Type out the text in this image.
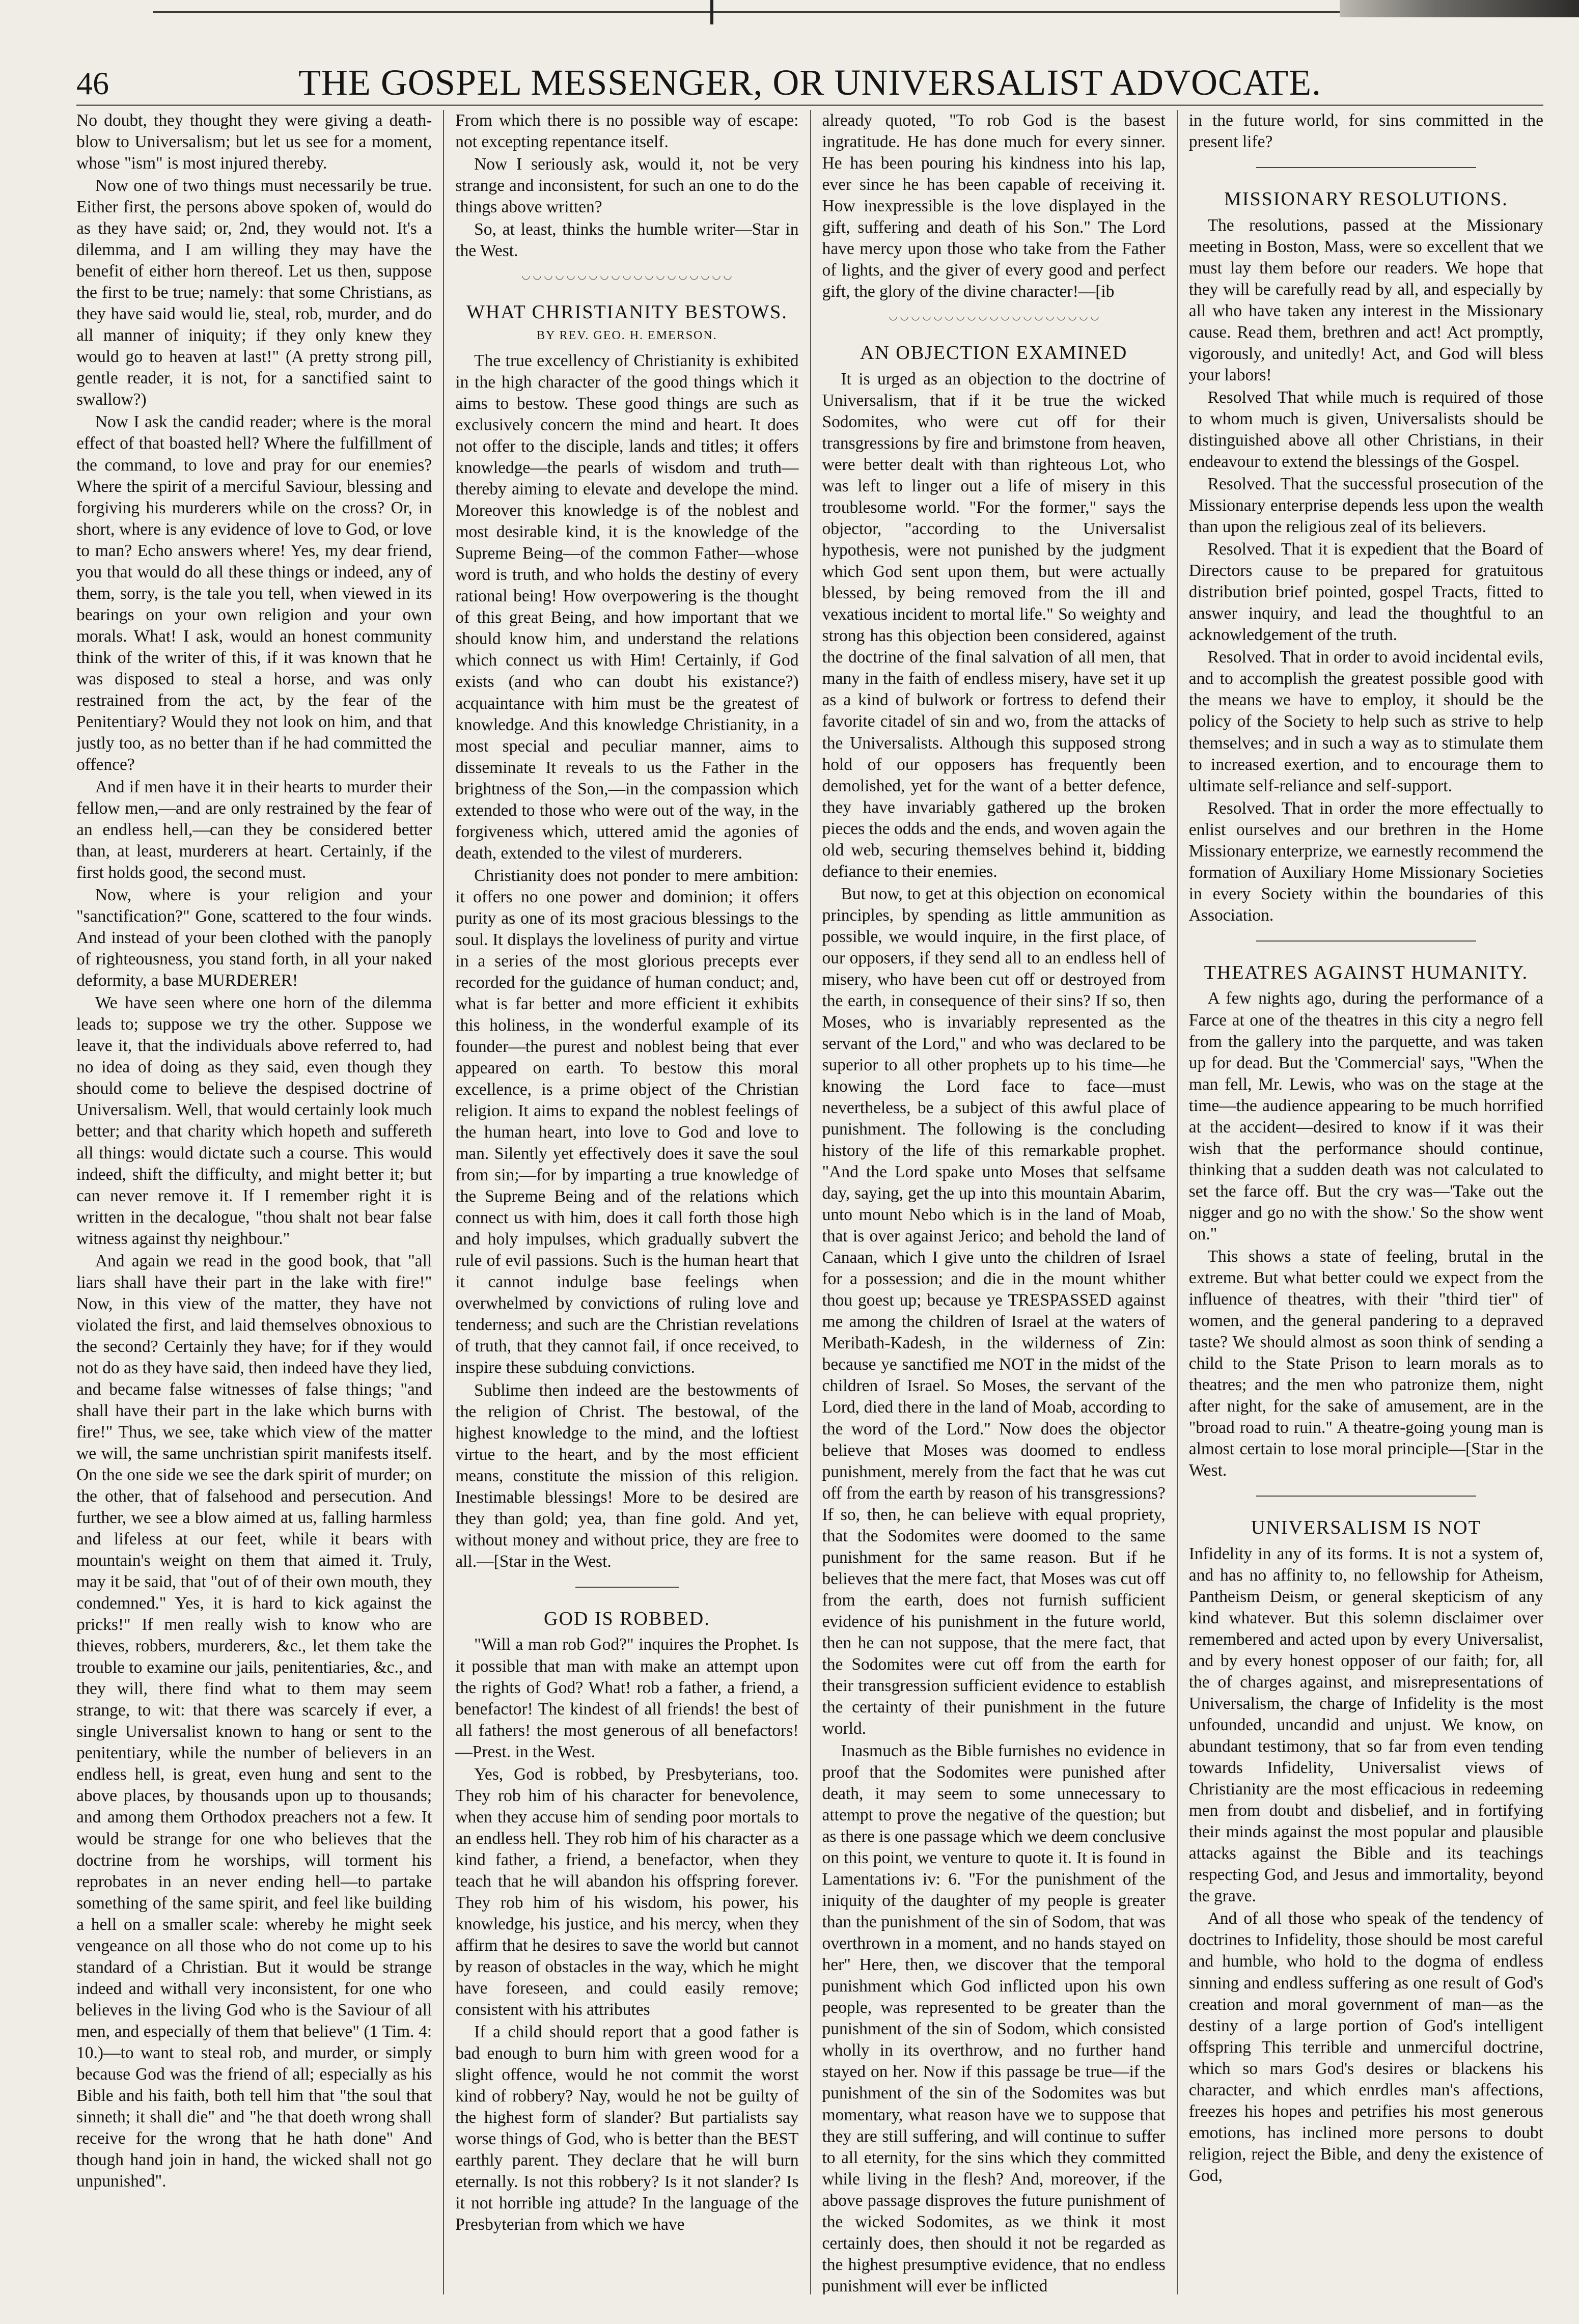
46	THE GOSPEL MESSENGER, OR UNIVERSALIST ADVOCATE.

No doubt, they thought they were giving a death-blow to Universalism; but let us see for a moment, whose "ism" is most injured thereby.

Now one of two things must necessarily be true. Either first, the persons above spoken of, would do as they have said; or, 2nd, they would not. It's a dilemma, and I am willing they may have the benefit of either horn thereof. Let us then, suppose the first to be true; namely: that some Christians, as they have said would lie, steal, rob, murder, and do all manner of iniquity; if they only knew they would go to heaven at last!" (A pretty strong pill, gentle reader, it is not, for a sanctified saint to swallow?)

Now I ask the candid reader; where is the moral effect of that boasted hell? Where the fulfillment of the command, to love and pray for our enemies? Where the spirit of a merciful Saviour, blessing and forgiving his murderers while on the cross? Or, in short, where is any evidence of love to God, or love to man? Echo answers where! Yes, my dear friend, you that would do all these things or indeed, any of them, sorry, is the tale you tell, when viewed in its bearings on your own religion and your own morals. What! I ask, would an honest community think of the writer of this, if it was known that he was disposed to steal a horse, and was only restrained from the act, by the fear of the Penitentiary? Would they not look on him, and that justly too, as no better than if he had committed the offence?

And if men have it in their hearts to murder their fellow men,—and are only restrained by the fear of an endless hell,—can they be considered better than, at least, murderers at heart. Certainly, if the first holds good, the second must.

Now, where is your religion and your "sanctification?" Gone, scattered to the four winds. And instead of your been clothed with the panoply of righteousness, you stand forth, in all your naked deformity, a base MURDERER!

We have seen where one horn of the dilemma leads to; suppose we try the other. Suppose we leave it, that the individuals above referred to, had no idea of doing as they said, even though they should come to believe the despised doctrine of Universalism. Well, that would certainly look much better; and that charity which hopeth and suffereth all things: would dictate such a course. This would indeed, shift the difficulty, and might better it; but can never remove it. If I remember right it is written in the decalogue, "thou shalt not bear false witness against thy neighbour."

And again we read in the good book, that "all liars shall have their part in the lake with fire!" Now, in this view of the matter, they have not violated the first, and laid themselves obnoxious to the second? Certainly they have; for if they would not do as they have said, then indeed have they lied, and became false witnesses of false things; "and shall have their part in the lake which burns with fire!" Thus, we see, take which view of the matter we will, the same unchristian spirit manifests itself. On the one side we see the dark spirit of murder; on the other, that of falsehood and persecution. And further, we see a blow aimed at us, falling harmless and lifeless at our feet, while it bears with mountain's weight on them that aimed it. Truly, may it be said, that "out of of their own mouth, they condemned." Yes, it is hard to kick against the pricks!" If men really wish to know who are thieves, robbers, murderers, &c., let them take the trouble to examine our jails, penitentiaries, &c., and they will, there find what to them may seem strange, to wit: that there was scarcely if ever, a single Universalist known to hang or sent to the penitentiary, while the number of believers in an endless hell, is great, even hung and sent to the above places, by thousands upon up to thousands; and among them Orthodox preachers not a few. It would be strange for one who believes that the doctrine from he worships, will torment his reprobates in an never ending hell—to partake something of the same spirit, and feel like building a hell on a smaller scale: whereby he might seek vengeance on all those who do not come up to his standard of a Christian. But it would be strange indeed and withall very inconsistent, for one who believes in the living God who is the Saviour of all men, and especially of them that believe" (1 Tim. 4: 10.)—to want to steal rob, and murder, or simply because God was the friend of all; especially as his Bible and his faith, both tell him that "the soul that sinneth; it shall die" and "he that doeth wrong shall receive for the wrong that he hath done" And though hand join in hand, the wicked shall not go unpunished".

From which there is no possible way of escape: not excepting repentance itself.

Now I seriously ask, would it, not be very strange and inconsistent, for such an one to do the things above written?

So, at least, thinks the humble writer—Star in the West.

WHAT CHRISTIANITY BESTOWS.
BY REV. GEO. H. EMERSON.

The true excellency of Christianity is exhibited in the high character of the good things which it aims to bestow. These good things are such as exclusively concern the mind and heart. It does not offer to the disciple, lands and titles; it offers knowledge—the pearls of wisdom and truth—thereby aiming to elevate and develope the mind. Moreover this knowledge is of the noblest and most desirable kind, it is the knowledge of the Supreme Being—of the common Father—whose word is truth, and who holds the destiny of every rational being! How overpowering is the thought of this great Being, and how important that we should know him, and understand the relations which connect us with Him! Certainly, if God exists (and who can doubt his existance?) acquaintance with him must be the greatest of knowledge. And this knowledge Christianity, in a most special and peculiar manner, aims to disseminate It reveals to us the Father in the brightness of the Son,—in the compassion which extended to those who were out of the way, in the forgiveness which, uttered amid the agonies of death, extended to the vilest of murderers.

Christianity does not ponder to mere ambition: it offers no one power and dominion; it offers purity as one of its most gracious blessings to the soul. It displays the loveliness of purity and virtue in a series of the most glorious precepts ever recorded for the guidance of human conduct; and, what is far better and more efficient it exhibits this holiness, in the wonderful example of its founder—the purest and noblest being that ever appeared on earth. To bestow this moral excellence, is a prime object of the Christian religion. It aims to expand the noblest feelings of the human heart, into love to God and love to man. Silently yet effectively does it save the soul from sin;—for by imparting a true knowledge of the Supreme Being and of the relations which connect us with him, does it call forth those high and holy impulses, which gradually subvert the rule of evil passions. Such is the human heart that it cannot indulge base feelings when overwhelmed by convictions of ruling love and tenderness; and such are the Christian revelations of truth, that they cannot fail, if once received, to inspire these subduing convictions.

Sublime then indeed are the bestowments of the religion of Christ. The bestowal, of the highest knowledge to the mind, and the loftiest virtue to the heart, and by the most efficient means, constitute the mission of this religion. Inestimable blessings! More to be desired are they than gold; yea, than fine gold. And yet, without money and without price, they are free to all.—[Star in the West.

GOD IS ROBBED.

"Will a man rob God?" inquires the Prophet. Is it possible that man with make an attempt upon the rights of God? What! rob a father, a friend, a benefactor! The kindest of all friends! the best of all fathers! the most generous of all benefactors!—Prest. in the West.

Yes, God is robbed, by Presbyterians, too. They rob him of his character for benevolence, when they accuse him of sending poor mortals to an endless hell. They rob him of his character as a kind father, a friend, a benefactor, when they teach that he will abandon his offspring forever. They rob him of his wisdom, his power, his knowledge, his justice, and his mercy, when they affirm that he desires to save the world but cannot by reason of obstacles in the way, which he might have foreseen, and could easily remove; consistent with his attributes

If a child should report that a good father is bad enough to burn him with green wood for a slight offence, would he not commit the worst kind of robbery? Nay, would he not be guilty of the highest form of slander? But partialists say worse things of God, who is better than the BEST earthly parent. They declare that he will burn eternally. Is not this robbery? Is it not slander? Is it not horrible ing attude? In the language of the Presbyterian from which we have

already quoted, "To rob God is the basest ingratitude. He has done much for every sinner. He has been pouring his kindness into his lap, ever since he has been capable of receiving it. How inexpressible is the love displayed in the gift, suffering and death of his Son." The Lord have mercy upon those who take from the Father of lights, and the giver of every good and perfect gift, the glory of the divine character!—[ib

AN OBJECTION EXAMINED

It is urged as an objection to the doctrine of Universalism, that if it be true the wicked Sodomites, who were cut off for their transgressions by fire and brimstone from heaven, were better dealt with than righteous Lot, who was left to linger out a life of misery in this troublesome world. "For the former," says the objector, "according to the Universalist hypothesis, were not punished by the judgment which God sent upon them, but were actually blessed, by being removed from the ill and vexatious incident to mortal life." So weighty and strong has this objection been considered, against the doctrine of the final salvation of all men, that many in the faith of endless misery, have set it up as a kind of bulwork or fortress to defend their favorite citadel of sin and wo, from the attacks of the Universalists. Although this supposed strong hold of our opposers has frequently been demolished, yet for the want of a better defence, they have invariably gathered up the broken pieces the odds and the ends, and woven again the old web, securing themselves behind it, bidding defiance to their enemies.

But now, to get at this objection on economical principles, by spending as little ammunition as possible, we would inquire, in the first place, of our opposers, if they send all to an endless hell of misery, who have been cut off or destroyed from the earth, in consequence of their sins? If so, then Moses, who is invariably represented as the servant of the Lord," and who was declared to be superior to all other prophets up to his time—he knowing the Lord face to face—must nevertheless, be a subject of this awful place of punishment. The following is the concluding history of the life of this remarkable prophet. "And the Lord spake unto Moses that selfsame day, saying, get the up into this mountain Abarim, unto mount Nebo which is in the land of Moab, that is over against Jerico; and behold the land of Canaan, which I give unto the children of Israel for a possession; and die in the mount whither thou goest up; because ye TRESPASSED against me among the children of Israel at the waters of Meribath-Kadesh, in the wilderness of Zin: because ye sanctified me NOT in the midst of the children of Israel. So Moses, the servant of the Lord, died there in the land of Moab, according to the word of the Lord." Now does the objector believe that Moses was doomed to endless punishment, merely from the fact that he was cut off from the earth by reason of his transgressions? If so, then, he can believe with equal propriety, that the Sodomites were doomed to the same punishment for the same reason. But if he believes that the mere fact, that Moses was cut off from the earth, does not furnish sufficient evidence of his punishment in the future world, then he can not suppose, that the mere fact, that the Sodomites were cut off from the earth for their transgression sufficient evidence to establish the certainty of their punishment in the future world.

Inasmuch as the Bible furnishes no evidence in proof that the Sodomites were punished after death, it may seem to some unnecessary to attempt to prove the negative of the question; but as there is one passage which we deem conclusive on this point, we venture to quote it. It is found in Lamentations iv: 6. "For the punishment of the iniquity of the daughter of my people is greater than the punishment of the sin of Sodom, that was overthrown in a moment, and no hands stayed on her" Here, then, we discover that the temporal punishment which God inflicted upon his own people, was represented to be greater than the punishment of the sin of Sodom, which consisted wholly in its overthrow, and no further hand stayed on her. Now if this passage be true—if the punishment of the sin of the Sodomites was but momentary, what reason have we to suppose that they are still suffering, and will continue to suffer to all eternity, for the sins which they committed while living in the flesh? And, moreover, if the above passage disproves the future punishment of the wicked Sodomites, as we think it most certainly does, then should it not be regarded as the highest presumptive evidence, that no endless punishment will ever be inflicted

in the future world, for sins committed in the present life?

MISSIONARY RESOLUTIONS.

The resolutions, passed at the Missionary meeting in Boston, Mass, were so excellent that we must lay them before our readers. We hope that they will be carefully read by all, and especially by all who have taken any interest in the Missionary cause. Read them, brethren and act! Act promptly, vigorously, and unitedly! Act, and God will bless your labors!

Resolved That while much is required of those to whom much is given, Universalists should be distinguished above all other Christians, in their endeavour to extend the blessings of the Gospel.

Resolved. That the successful prosecution of the Missionary enterprise depends less upon the wealth than upon the religious zeal of its believers.

Resolved. That it is expedient that the Board of Directors cause to be prepared for gratuitous distribution brief pointed, gospel Tracts, fitted to answer inquiry, and lead the thoughtful to an acknowledgement of the truth.

Resolved. That in order to avoid incidental evils, and to accomplish the greatest possible good with the means we have to employ, it should be the policy of the Society to help such as strive to help themselves; and in such a way as to stimulate them to increased exertion, and to encourage them to ultimate self-reliance and self-support.

Resolved. That in order the more effectually to enlist ourselves and our brethren in the Home Missionary enterprize, we earnestly recommend the formation of Auxiliary Home Missionary Societies in every Society within the boundaries of this Association.

THEATRES AGAINST HUMANITY.

A few nights ago, during the performance of a Farce at one of the theatres in this city a negro fell from the gallery into the parquette, and was taken up for dead. But the 'Commercial' says, "When the man fell, Mr. Lewis, who was on the stage at the time—the audience appearing to be much horrified at the accident—desired to know if it was their wish that the performance should continue, thinking that a sudden death was not calculated to set the farce off. But the cry was—'Take out the nigger and go no with the show.' So the show went on."

This shows a state of feeling, brutal in the extreme. But what better could we expect from the influence of theatres, with their "third tier" of women, and the general pandering to a depraved taste? We should almost as soon think of sending a child to the State Prison to learn morals as to theatres; and the men who patronize them, night after night, for the sake of amusement, are in the "broad road to ruin." A theatre-going young man is almost certain to lose moral principle—[Star in the West.

UNIVERSALISM IS NOT

Infidelity in any of its forms. It is not a system of, and has no affinity to, no fellowship for Atheism, Pantheism Deism, or general skepticism of any kind whatever. But this solemn disclaimer over remembered and acted upon by every Universalist, and by every honest opposer of our faith; for, all the of charges against, and misrepresentations of Universalism, the charge of Infidelity is the most unfounded, uncandid and unjust. We know, on abundant testimony, that so far from even tending towards Infidelity, Universalist views of Christianity are the most efficacious in redeeming men from doubt and disbelief, and in fortifying their minds against the most popular and plausible attacks against the Bible and its teachings respecting God, and Jesus and immortality, beyond the grave.

And of all those who speak of the tendency of doctrines to Infidelity, those should be most careful and humble, who hold to the dogma of endless sinning and endless suffering as one result of God's creation and moral government of man—as the destiny of a large portion of God's intelligent offspring This terrible and unmerciful doctrine, which so mars God's desires or blackens his character, and which enrdles man's affections, freezes his hopes and petrifies his most generous emotions, has inclined more persons to doubt religion, reject the Bible, and deny the existence of God,
